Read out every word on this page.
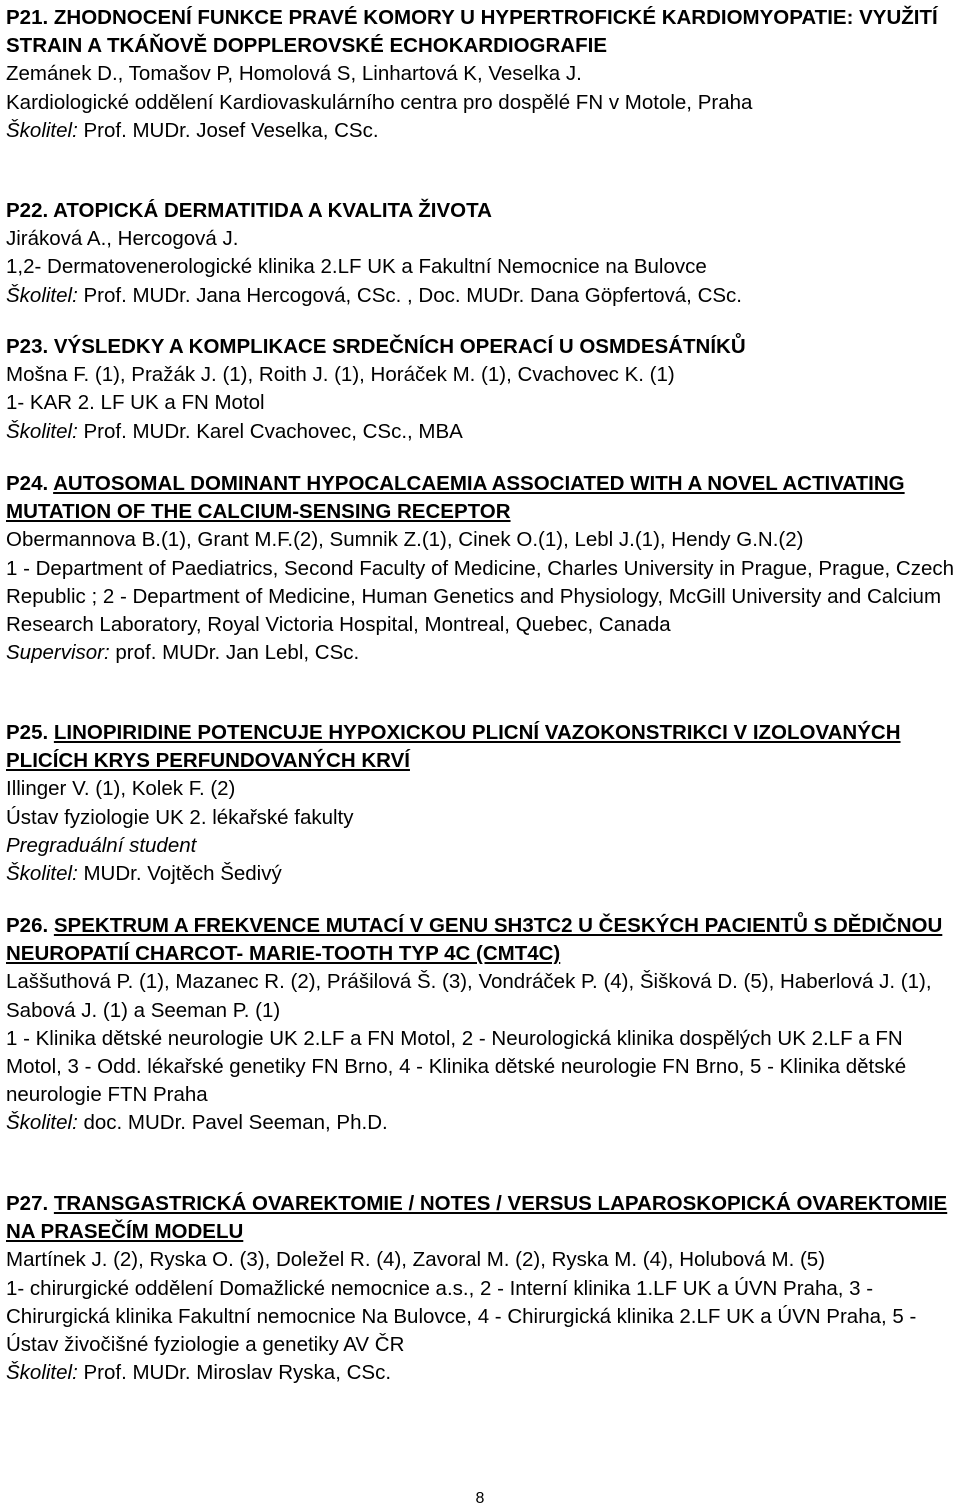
P21. ZHODNOCENÍ FUNKCE PRAVÉ KOMORY U HYPERTROFICKÉ KARDIOMYOPATIE: VYUŽITÍ STRAIN A TKÁŇOVĚ DOPPLEROVSKÉ ECHOKARDIOGRAFIE
Zemánek D., Tomašov P, Homolová S, Linhartová K, Veselka J.
Kardiologické oddělení Kardiovaskulárního centra pro dospělé FN v Motole, Praha
Školitel: Prof. MUDr. Josef Veselka, CSc.
P22. ATOPICKÁ DERMATITIDA A KVALITA ŽIVOTA
Jiráková A., Hercogová J.
1,2- Dermatovenerologické klinika 2.LF UK a Fakultní Nemocnice na Bulovce
Školitel: Prof. MUDr. Jana Hercogová, CSc. , Doc. MUDr. Dana Göpfertová, CSc.
P23. VÝSLEDKY A KOMPLIKACE SRDEČNÍCH OPERACÍ U OSMDESÁTNÍKŮ
Mošna F. (1), Pražák J. (1), Roith J. (1), Horáček M. (1), Cvachovec K. (1)
1- KAR 2. LF UK a FN Motol
Školitel: Prof. MUDr. Karel Cvachovec, CSc., MBA
P24. AUTOSOMAL DOMINANT HYPOCALCAEMIA ASSOCIATED WITH A NOVEL ACTIVATING MUTATION OF THE CALCIUM-SENSING RECEPTOR
Obermannova B.(1), Grant M.F.(2), Sumnik Z.(1), Cinek O.(1), Lebl J.(1), Hendy G.N.(2)
1 - Department of Paediatrics, Second Faculty of Medicine, Charles University in Prague, Prague, Czech Republic ; 2 - Department of Medicine, Human Genetics and Physiology, McGill University and Calcium Research Laboratory, Royal Victoria Hospital, Montreal, Quebec, Canada
Supervisor: prof. MUDr. Jan Lebl, CSc.
P25. LINOPIRIDINE POTENCUJE HYPOXICKOU PLICNÍ VAZOKONSTRIKCI V IZOLOVANÝCH PLICÍCH KRYS PERFUNDOVANÝCH KRVÍ
Illinger V. (1), Kolek F. (2)
Ústav fyziologie UK 2. lékařské fakulty
Pregraduální student
Školitel: MUDr. Vojtěch Šedivý
P26. SPEKTRUM A FREKVENCE MUTACÍ V GENU SH3TC2 U ČESKÝCH PACIENTŮ S DĚDIČNOU NEUROPATIÍ CHARCOT- MARIE-TOOTH TYP 4C (CMT4C)
Laššuthová P. (1), Mazanec R. (2), Prášilová Š. (3), Vondráček P. (4), Šišková D. (5), Haberlová J. (1), Sabová J. (1) a Seeman P. (1)
1 - Klinika dětské neurologie UK 2.LF a FN Motol, 2 - Neurologická klinika dospělých UK 2.LF a FN Motol, 3 - Odd. lékařské genetiky FN Brno, 4 - Klinika dětské neurologie FN Brno, 5 - Klinika dětské neurologie FTN Praha
Školitel: doc. MUDr. Pavel Seeman, Ph.D.
P27. TRANSGASTRICKÁ OVAREKTOMIE / NOTES / VERSUS LAPAROSKOPICKÁ OVAREKTOMIE NA PRASEČÍM MODELU
Martínek J. (2), Ryska O. (3), Doležel R. (4), Zavoral M. (2), Ryska M. (4), Holubová M. (5)
1- chirurgické oddělení Domažlické nemocnice a.s., 2 - Interní klinika 1.LF UK a ÚVN Praha, 3 - Chirurgická klinika Fakultní nemocnice Na Bulovce, 4 - Chirurgická klinika 2.LF UK a ÚVN Praha, 5 - Ústav živočišné fyziologie a genetiky AV ČR
Školitel: Prof. MUDr. Miroslav Ryska, CSc.
8
